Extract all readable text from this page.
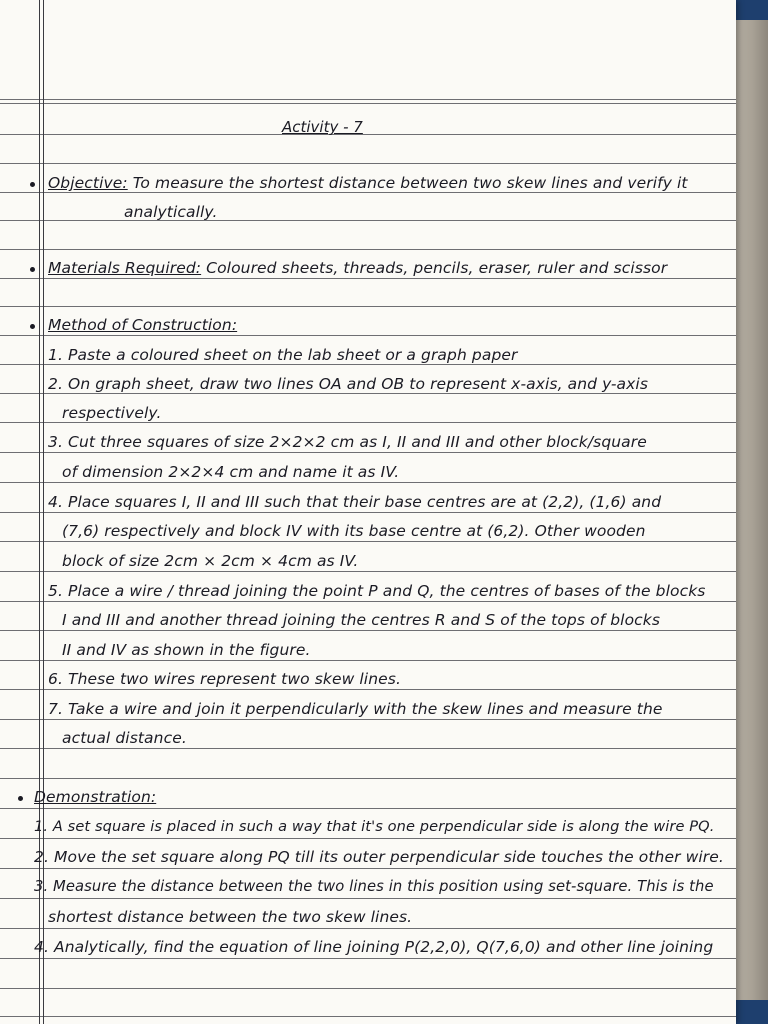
Activity - 7
Objective: To measure the shortest distance between two skew lines and verify it
analytically.
Materials Required: Coloured sheets, threads, pencils, eraser, ruler and scissor
Method of Construction:
1. Paste a coloured sheet on the lab sheet or a graph paper
2. On graph sheet, draw two lines OA and OB to represent x-axis, and y-axis
respectively.
3. Cut three squares of size 2×2×2 cm as I, II and III and other block/square
of dimension 2×2×4 cm and name it as IV.
4. Place squares I, II and III such that their base centres are at (2,2), (1,6) and
(7,6) respectively and block IV with its base centre at (6,2). Other wooden
block of size 2cm × 2cm × 4cm as IV.
5. Place a wire / thread joining the point P and Q, the centres of bases of the blocks
I and III and another thread joining the centres R and S of the tops of blocks
II and IV as shown in the figure.
6. These two wires represent two skew lines.
7. Take a wire and join it perpendicularly with the skew lines and measure the
actual distance.
Demonstration:
1. A set square is placed in such a way that it's one perpendicular side is along the wire PQ.
2. Move the set square along PQ till its outer perpendicular side touches the other wire.
3. Measure the distance between the two lines in this position using set-square. This is the
shortest distance between the two skew lines.
4. Analytically, find the equation of line joining P(2,2,0), Q(7,6,0) and other line joining
